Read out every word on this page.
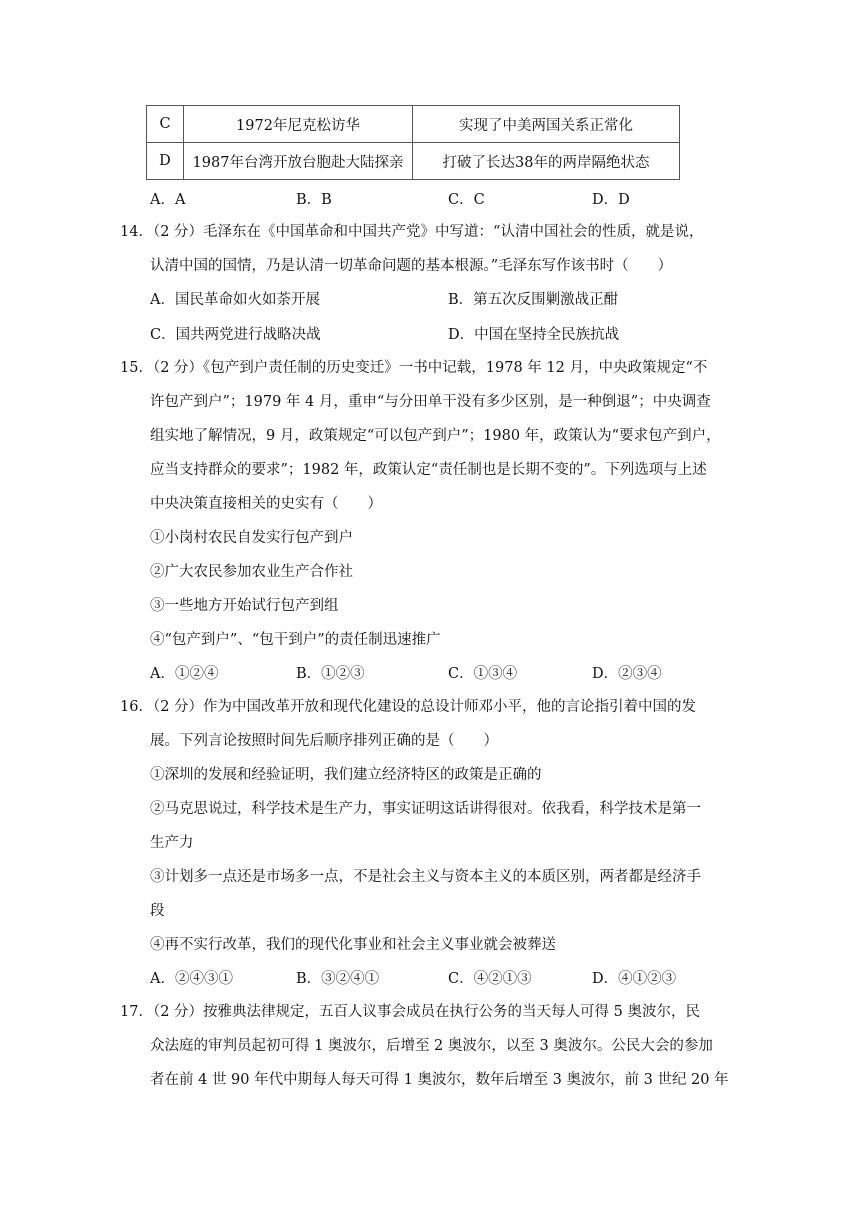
C	1972年尼克松访华	实现了中美两国关系正常化
D	1987年台湾开放台胞赴大陆探亲	打破了长达38年的两岸隔绝状态
A．A	B．B	C．C	D．D
14．（2 分）毛泽东在《中国革命和中国共产党》中写道：“认清中国社会的性质，就是说，
认清中国的国情，乃是认清一切革命问题的基本根源。”毛泽东写作该书时（　　）
A．国民革命如火如荼开展	B．第五次反围剿激战正酣
C．国共两党进行战略决战	D．中国在坚持全民族抗战
15．（2 分）《包产到户责任制的历史变迁》一书中记载，1978 年 12 月，中央政策规定“不
许包产到户”；1979 年 4 月，重申“与分田单干没有多少区别，是一种倒退”；中央调查
组实地了解情况，9 月，政策规定“可以包产到户”；1980 年，政策认为“要求包产到户，
应当支持群众的要求”；1982 年，政策认定“责任制也是长期不变的”。下列选项与上述
中央决策直接相关的史实有（　　）
①小岗村农民自发实行包产到户
②广大农民参加农业生产合作社
③一些地方开始试行包产到组
④“包产到户”、“包干到户”的责任制迅速推广
A．①②④	B．①②③	C．①③④	D．②③④
16．（2 分）作为中国改革开放和现代化建设的总设计师邓小平，他的言论指引着中国的发
展。下列言论按照时间先后顺序排列正确的是（　　）
①深圳的发展和经验证明，我们建立经济特区的政策是正确的
②马克思说过，科学技术是生产力，事实证明这话讲得很对。依我看，科学技术是第一
生产力
③计划多一点还是市场多一点，不是社会主义与资本主义的本质区别，两者都是经济手
段
④再不实行改革，我们的现代化事业和社会主义事业就会被葬送
A．②④③①	B．③②④①	C．④②①③	D．④①②③
17．（2 分）按雅典法律规定，五百人议事会成员在执行公务的当天每人可得 5 奥波尔，民
众法庭的审判员起初可得 1 奥波尔，后增至 2 奥波尔，以至 3 奥波尔。公民大会的参加
者在前 4 世 90 年代中期每人每天可得 1 奥波尔，数年后增至 3 奥波尔，前 3 世纪 20 年
